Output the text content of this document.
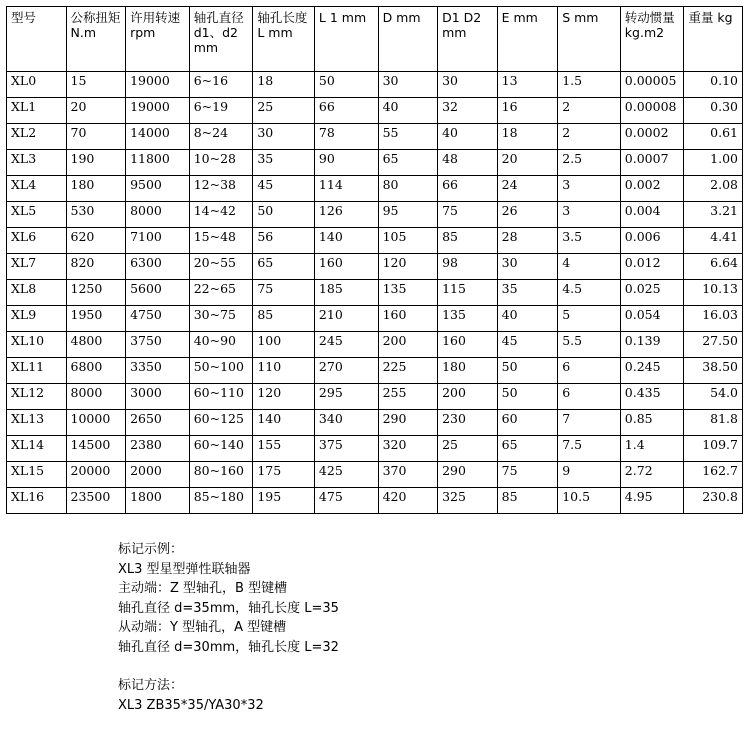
型号	公称扭矩 N.m	许用转速 rpm	轴孔直径 d1、d2mm	轴孔长度L mm	L 1 mm	D mm	D1 D2 mm	E mm	S mm	转动惯量 kg.m2	重量 kg
XL0	15	19000	6~16	18	50	30	30	13	1.5	0.00005	0.10
XL1	20	19000	6~19	25	66	40	32	16	2	0.00008	0.30
XL2	70	14000	8~24	30	78	55	40	18	2	0.0002	0.61
XL3	190	11800	10~28	35	90	65	48	20	2.5	0.0007	1.00
XL4	180	9500	12~38	45	114	80	66	24	3	0.002	2.08
XL5	530	8000	14~42	50	126	95	75	26	3	0.004	3.21
XL6	620	7100	15~48	56	140	105	85	28	3.5	0.006	4.41
XL7	820	6300	20~55	65	160	120	98	30	4	0.012	6.64
XL8	1250	5600	22~65	75	185	135	115	35	4.5	0.025	10.13
XL9	1950	4750	30~75	85	210	160	135	40	5	0.054	16.03
XL10	4800	3750	40~90	100	245	200	160	45	5.5	0.139	27.50
XL11	6800	3350	50~100	110	270	225	180	50	6	0.245	38.50
XL12	8000	3000	60~110	120	295	255	200	50	6	0.435	54.0
XL13	10000	2650	60~125	140	340	290	230	60	7	0.85	81.8
XL14	14500	2380	60~140	155	375	320	25	65	7.5	1.4	109.7
XL15	20000	2000	80~160	175	425	370	290	75	9	2.72	162.7
XL16	23500	1800	85~180	195	475	420	325	85	10.5	4.95	230.8
标记示例：
XL3 型星型弹性联轴器
主动端：Z 型轴孔，B 型键槽
轴孔直径 d=35mm，轴孔长度 L=35
从动端：Y 型轴孔，A 型键槽
轴孔直径 d=30mm，轴孔长度 L=32
标记方法：
XL3 ZB35*35/YA30*32
